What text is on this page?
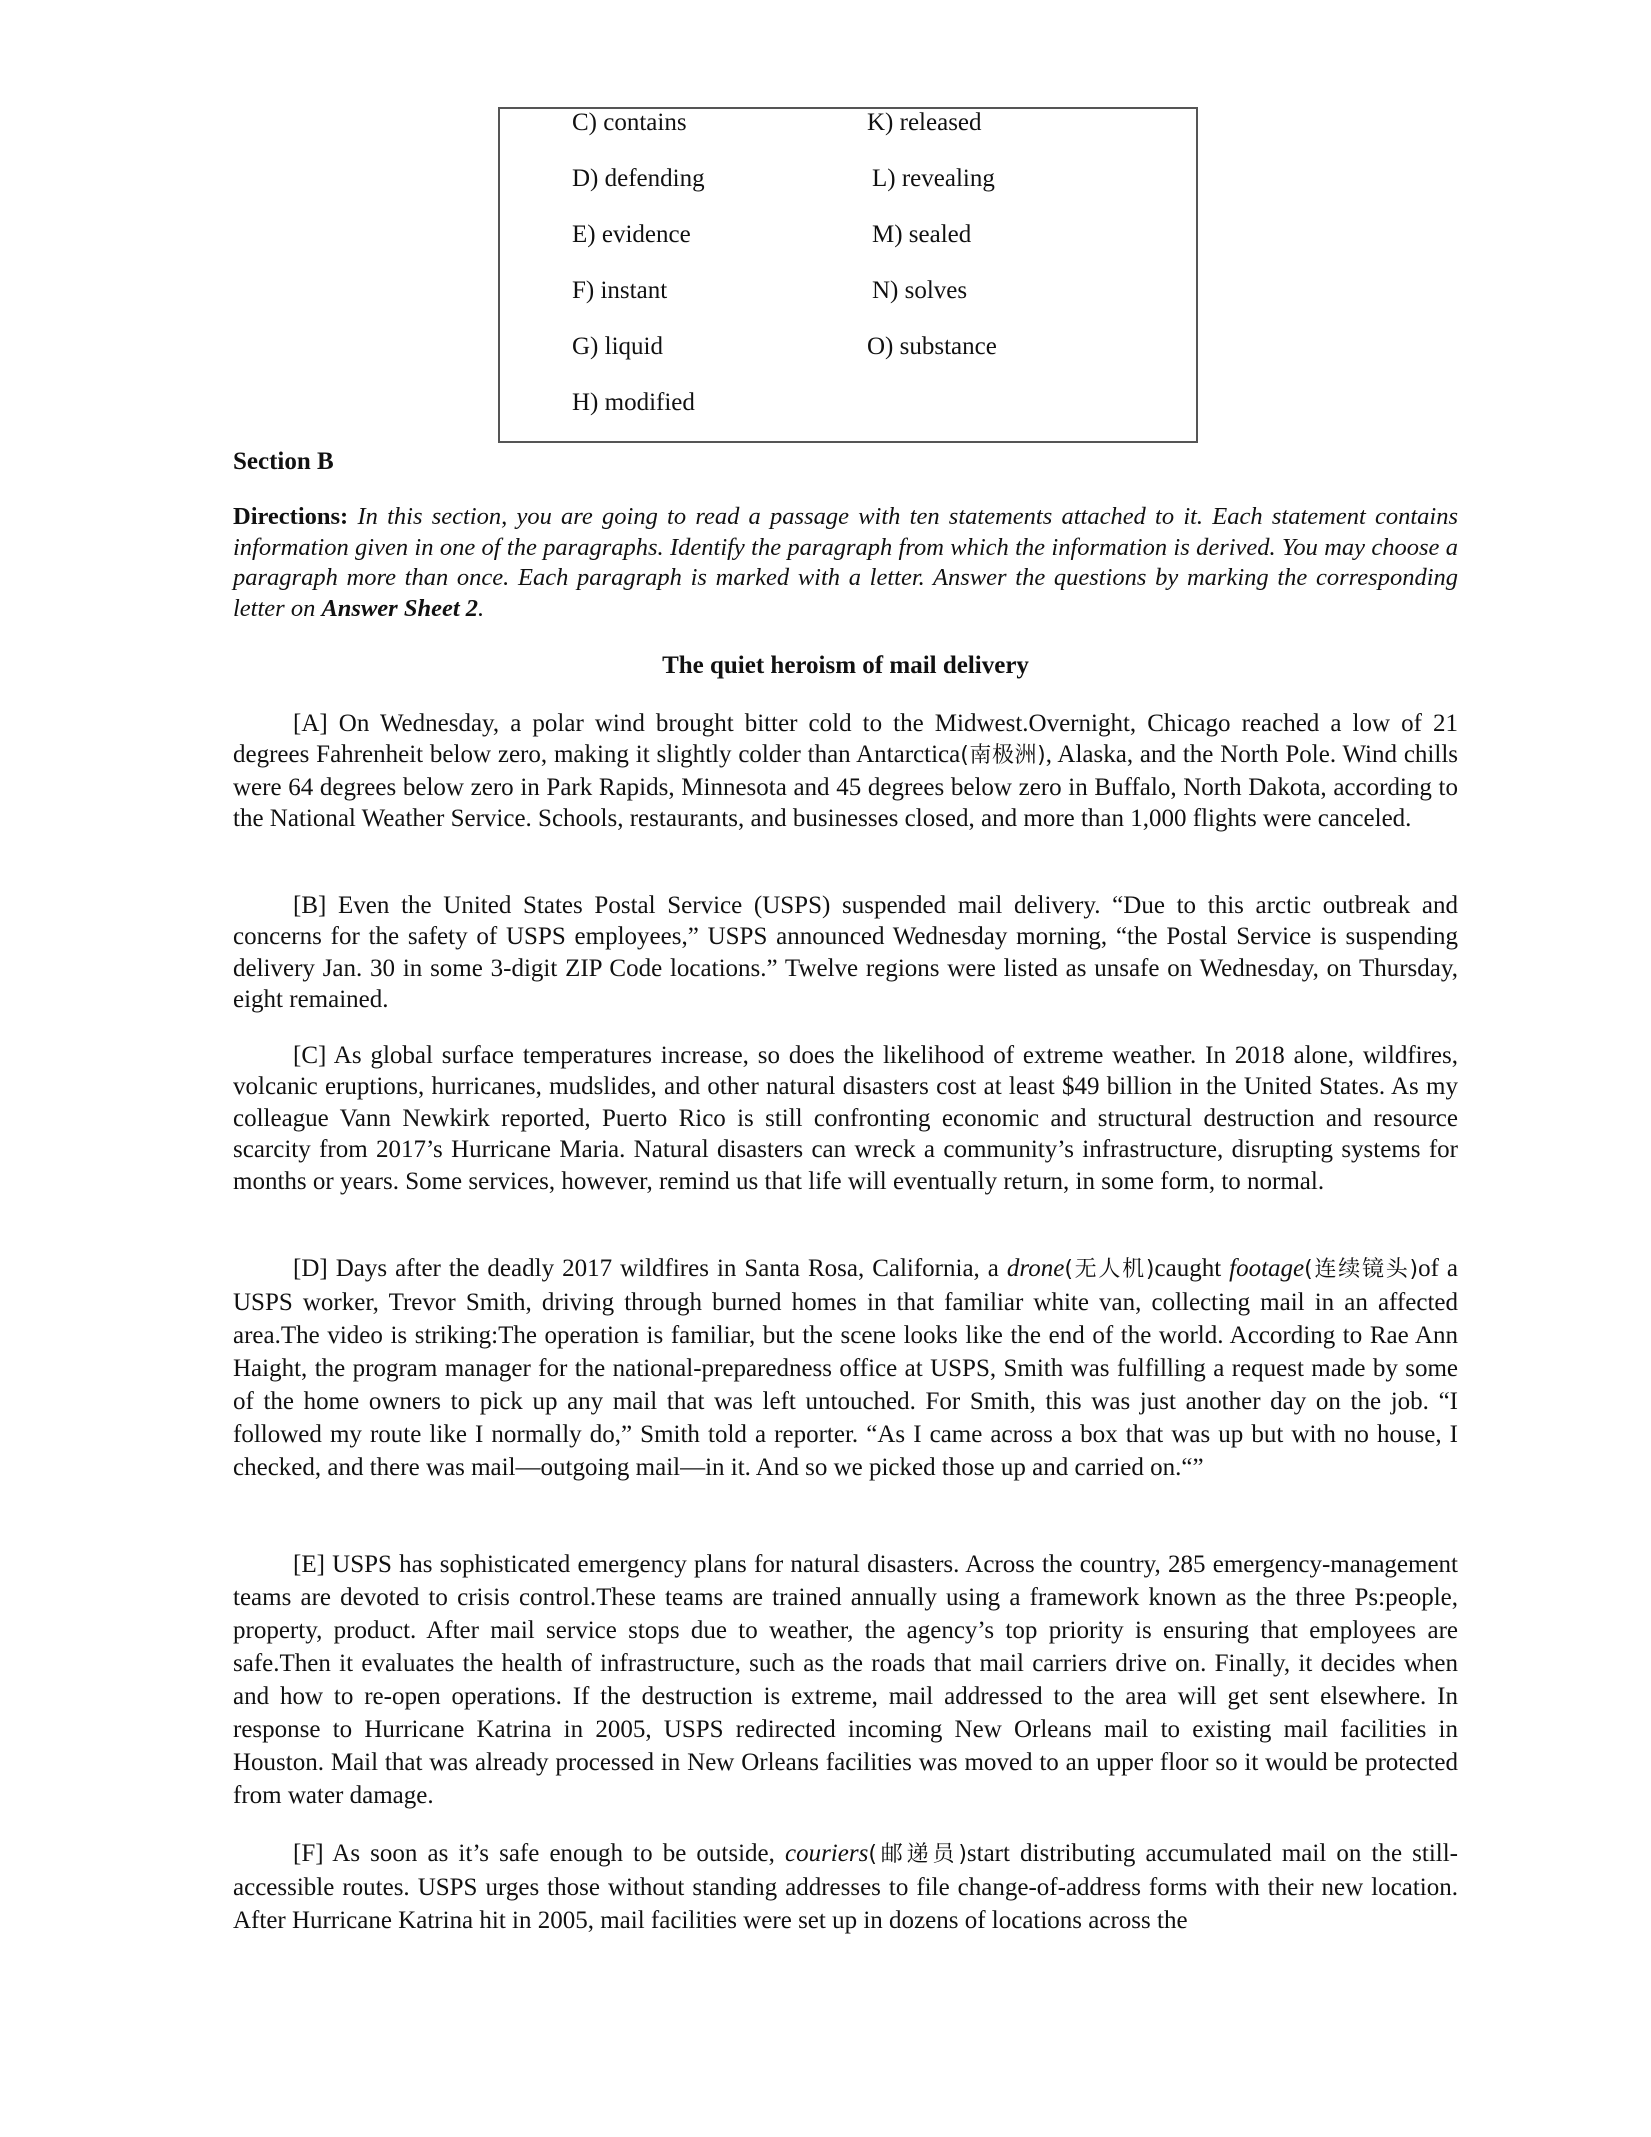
C) contains
D) defending
E) evidence
F) instant
G) liquid
H) modified
K) released
L) revealing
M) sealed
N) solves
O) substance
Section B
Directions: In this section, you are going to read a passage with ten statements attached to it. Each statement contains information given in one of the paragraphs. Identify the paragraph from which the information is derived. You may choose a paragraph more than once. Each paragraph is marked with a letter. Answer the questions by marking the corresponding letter on Answer Sheet 2.
The quiet heroism of mail delivery
[A] On Wednesday, a polar wind brought bitter cold to the Midwest.Overnight, Chicago reached a low of 21 degrees Fahrenheit below zero, making it slightly colder than Antarctica(南极洲), Alaska, and the North Pole. Wind chills were 64 degrees below zero in Park Rapids, Minnesota and 45 degrees below zero in Buffalo, North Dakota, according to the National Weather Service. Schools, restaurants, and businesses closed, and more than 1,000 flights were canceled.
[B] Even the United States Postal Service (USPS) suspended mail delivery. “Due to this arctic outbreak and concerns for the safety of USPS employees,” USPS announced Wednesday morning, “the Postal Service is suspending delivery Jan. 30 in some 3-digit ZIP Code locations.” Twelve regions were listed as unsafe on Wednesday, on Thursday, eight remained.
[C] As global surface temperatures increase, so does the likelihood of extreme weather. In 2018 alone, wildfires, volcanic eruptions, hurricanes, mudslides, and other natural disasters cost at least $49 billion in the United States. As my colleague Vann Newkirk reported, Puerto Rico is still confronting economic and structural destruction and resource scarcity from 2017’s Hurricane Maria. Natural disasters can wreck a community’s infrastructure, disrupting systems for months or years. Some services, however, remind us that life will eventually return, in some form, to normal.
[D] Days after the deadly 2017 wildfires in Santa Rosa, California, a drone(无人机)caught footage(连续镜头)of a USPS worker, Trevor Smith, driving through burned homes in that familiar white van, collecting mail in an affected area.The video is striking:The operation is familiar, but the scene looks like the end of the world. According to Rae Ann Haight, the program manager for the national-preparedness office at USPS, Smith was fulfilling a request made by some of the home owners to pick up any mail that was left untouched. For Smith, this was just another day on the job. “I followed my route like I normally do,” Smith told a reporter. “As I came across a box that was up but with no house, I checked, and there was mail—outgoing mail—in it. And so we picked those up and carried on.“”
[E] USPS has sophisticated emergency plans for natural disasters. Across the country, 285 emergency-management teams are devoted to crisis control.These teams are trained annually using a framework known as the three Ps:people, property, product. After mail service stops due to weather, the agency’s top priority is ensuring that employees are safe.Then it evaluates the health of infrastructure, such as the roads that mail carriers drive on. Finally, it decides when and how to re-open operations. If the destruction is extreme, mail addressed to the area will get sent elsewhere. In response to Hurricane Katrina in 2005, USPS redirected incoming New Orleans mail to existing mail facilities in Houston. Mail that was already processed in New Orleans facilities was moved to an upper floor so it would be protected from water damage.
[F] As soon as it’s safe enough to be outside, couriers(邮递员)start distributing accumulated mail on the still-accessible routes. USPS urges those without standing addresses to file change-of-address forms with their new location. After Hurricane Katrina hit in 2005, mail facilities were set up in dozens of locations across the
